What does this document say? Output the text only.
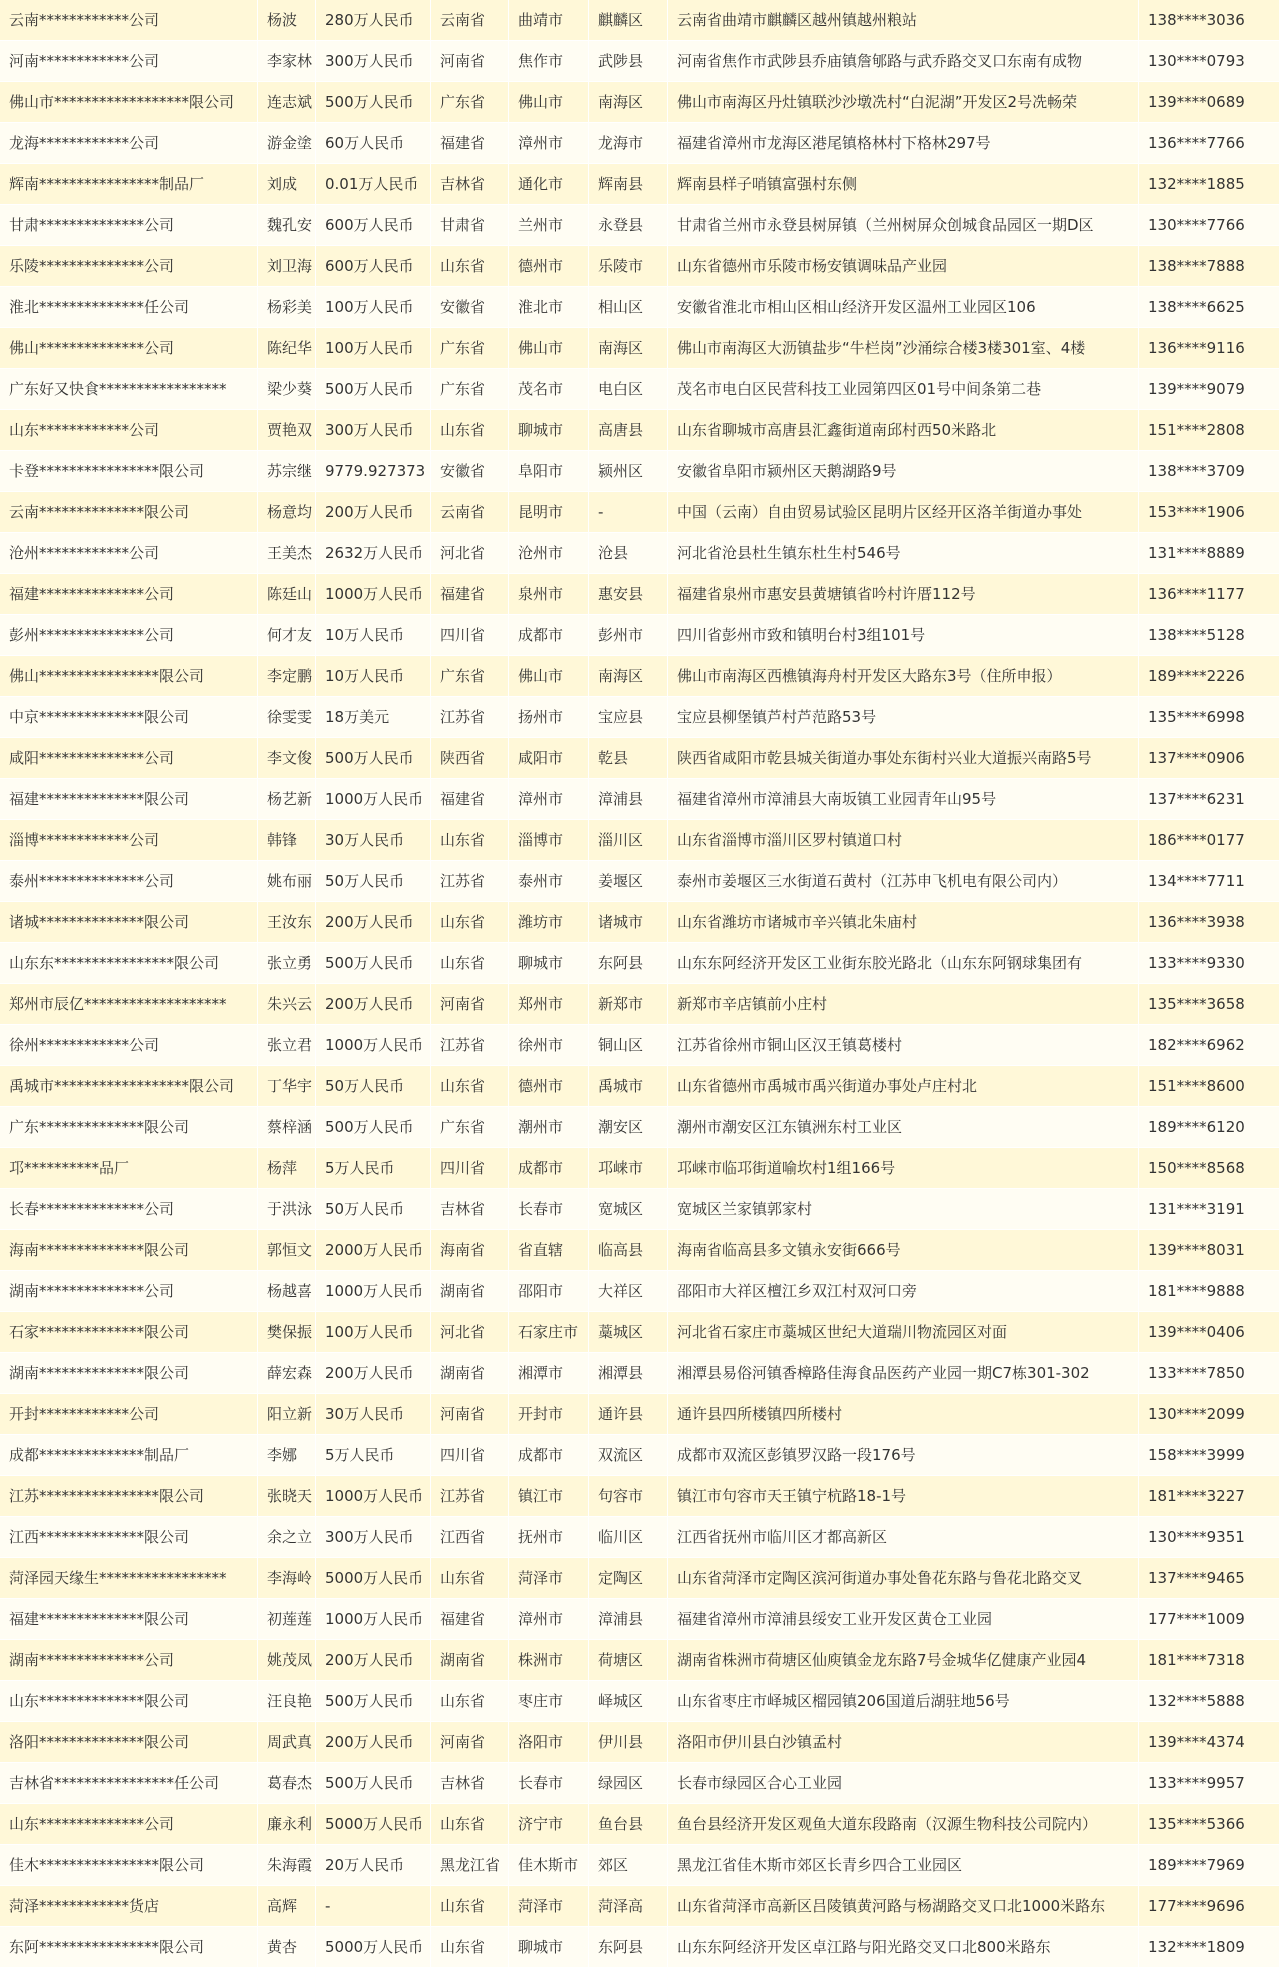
云南************公司	杨波	280万人民币	云南省	曲靖市	麒麟区	云南省曲靖市麒麟区越州镇越州粮站	138****3036
河南************公司	李家林 300万人民币	河南省	焦作市	武陟县	河南省焦作市武陟县乔庙镇詹郇路与武乔路交叉口东南有成物	130****0793
佛山市******************限公司	连志斌 500万人民币	广东省	佛山市	南海区	佛山市南海区丹灶镇联沙沙墩冼村“白泥湖”开发区2号冼畅荣	139****0689
龙海************公司	游金塗 60万人民币	福建省	漳州市	龙海市	福建省漳州市龙海区港尾镇格林村下格林297号	136****7766
辉南****************制品厂	刘成	0.01万人民币	吉林省	通化市	辉南县	辉南县样子哨镇富强村东侧	132****1885
甘肃**************公司	魏孔安 600万人民币	甘肃省	兰州市	永登县	甘肃省兰州市永登县树屏镇（兰州树屏众创城食品园区一期D区	130****7766
乐陵**************公司	刘卫海 600万人民币	山东省	德州市	乐陵市	山东省德州市乐陵市杨安镇调味品产业园	138****7888
淮北**************任公司	杨彩美 100万人民币	安徽省	淮北市	相山区	安徽省淮北市相山区相山经济开发区温州工业园区106	138****6625
佛山**************公司	陈纪华 100万人民币	广东省	佛山市	南海区	佛山市南海区大沥镇盐步“牛栏岗”沙涌综合楼3楼301室、4楼	136****9116
广东好又快食*****************	梁少葵 500万人民币	广东省	茂名市	电白区	茂名市电白区民营科技工业园第四区01号中间条第二巷	139****9079
山东************公司	贾艳双 300万人民币	山东省	聊城市	高唐县	山东省聊城市高唐县汇鑫街道南邱村西50米路北	151****2808
卡登****************限公司	苏宗继 9779.927373 安徽省	阜阳市	颍州区	安徽省阜阳市颍州区天鹅湖路9号	138****3709
云南**************限公司	杨意均 200万人民币	云南省	昆明市	-	中国（云南）自由贸易试验区昆明片区经开区洛羊街道办事处	153****1906
沧州************公司	王美杰 2632万人民币	河北省	沧州市	沧县	河北省沧县杜生镇东杜生村546号	131****8889
福建**************公司	陈廷山 1000万人民币	福建省	泉州市	惠安县	福建省泉州市惠安县黄塘镇省吟村许厝112号	136****1177
彭州**************公司	何才友 10万人民币	四川省	成都市	彭州市	四川省彭州市致和镇明台村3组101号	138****5128
佛山****************限公司	李定鹏 10万人民币	广东省	佛山市	南海区	佛山市南海区西樵镇海舟村开发区大路东3号（住所申报）	189****2226
中京**************限公司	徐雯雯 18万美元	江苏省	扬州市	宝应县	宝应县柳堡镇芦村芦范路53号	135****6998
咸阳**************公司	李文俊 500万人民币	陕西省	咸阳市	乾县	陕西省咸阳市乾县城关街道办事处东街村兴业大道振兴南路5号	137****0906
福建**************限公司	杨艺新 1000万人民币	福建省	漳州市	漳浦县	福建省漳州市漳浦县大南坂镇工业园青年山95号	137****6231
淄博************公司	韩锋	30万人民币	山东省	淄博市	淄川区	山东省淄博市淄川区罗村镇道口村	186****0177
泰州**************公司	姚布丽 50万人民币	江苏省	泰州市	姜堰区	泰州市姜堰区三水街道石黄村（江苏申飞机电有限公司内）	134****7711
诸城**************限公司	王汝东 200万人民币	山东省	潍坊市	诸城市	山东省潍坊市诸城市辛兴镇北朱庙村	136****3938
山东东****************限公司	张立勇 500万人民币	山东省	聊城市	东阿县	山东东阿经济开发区工业街东胶光路北（山东东阿钢球集团有	133****9330
郑州市辰亿*******************	朱兴云 200万人民币	河南省	郑州市	新郑市	新郑市辛店镇前小庄村	135****3658
徐州************公司	张立君 1000万人民币	江苏省	徐州市	铜山区	江苏省徐州市铜山区汉王镇葛楼村	182****6962
禹城市******************限公司	丁华宇 50万人民币	山东省	德州市	禹城市	山东省德州市禹城市禹兴街道办事处卢庄村北	151****8600
广东**************限公司	蔡梓涵 500万人民币	广东省	潮州市	潮安区	潮州市潮安区江东镇洲东村工业区	189****6120
邛**********品厂	杨萍	5万人民币	四川省	成都市	邛崃市	邛崃市临邛街道喻坎村1组166号	150****8568
长春**************公司	于洪泳 50万人民币	吉林省	长春市	宽城区	宽城区兰家镇郭家村	131****3191
海南**************限公司	郭恒文 2000万人民币	海南省	省直辖	临高县	海南省临高县多文镇永安街666号	139****8031
湖南**************公司	杨越喜 1000万人民币	湖南省	邵阳市	大祥区	邵阳市大祥区檀江乡双江村双河口旁	181****9888
石家**************限公司	樊保振 100万人民币	河北省	石家庄市	藁城区	河北省石家庄市藁城区世纪大道瑞川物流园区对面	139****0406
湖南**************限公司	薛宏森 200万人民币	湖南省	湘潭市	湘潭县	湘潭县易俗河镇香樟路佳海食品医药产业园一期C7栋301-302	133****7850
开封************公司	阳立新 30万人民币	河南省	开封市	通许县	通许县四所楼镇四所楼村	130****2099
成都**************制品厂	李娜	5万人民币	四川省	成都市	双流区	成都市双流区彭镇罗汉路一段176号	158****3999
江苏****************限公司	张晓天 1000万人民币	江苏省	镇江市	句容市	镇江市句容市天王镇宁杭路18-1号	181****3227
江西**************限公司	余之立 300万人民币	江西省	抚州市	临川区	江西省抚州市临川区才都高新区	130****9351
菏泽园天缘生*****************	李海岭 5000万人民币	山东省	菏泽市	定陶区	山东省菏泽市定陶区滨河街道办事处鲁花东路与鲁花北路交叉	137****9465
福建**************限公司	初莲莲 1000万人民币	福建省	漳州市	漳浦县	福建省漳州市漳浦县绥安工业开发区黄仓工业园	177****1009
湖南**************公司	姚茂凤 200万人民币	湖南省	株洲市	荷塘区	湖南省株洲市荷塘区仙庾镇金龙东路7号金城华亿健康产业园4	181****7318
山东**************限公司	汪良艳 500万人民币	山东省	枣庄市	峄城区	山东省枣庄市峄城区榴园镇206国道后湖驻地56号	132****5888
洛阳**************限公司	周武真 200万人民币	河南省	洛阳市	伊川县	洛阳市伊川县白沙镇孟村	139****4374
吉林省****************任公司	葛春杰 500万人民币	吉林省	长春市	绿园区	长春市绿园区合心工业园	133****9957
山东**************公司	廉永利 5000万人民币	山东省	济宁市	鱼台县	鱼台县经济开发区观鱼大道东段路南（汉源生物科技公司院内）	135****5366
佳木****************限公司	朱海霞 20万人民币	黑龙江省	佳木斯市	郊区	黑龙江省佳木斯市郊区长青乡四合工业园区	189****7969
菏泽************货店	高辉	-	山东省	菏泽市	菏泽高	山东省菏泽市高新区吕陵镇黄河路与杨湖路交叉口北1000米路东	177****9696
东阿****************限公司	黄杏	5000万人民币	山东省	聊城市	东阿县	山东东阿经济开发区卓江路与阳光路交叉口北800米路东	132****1809
